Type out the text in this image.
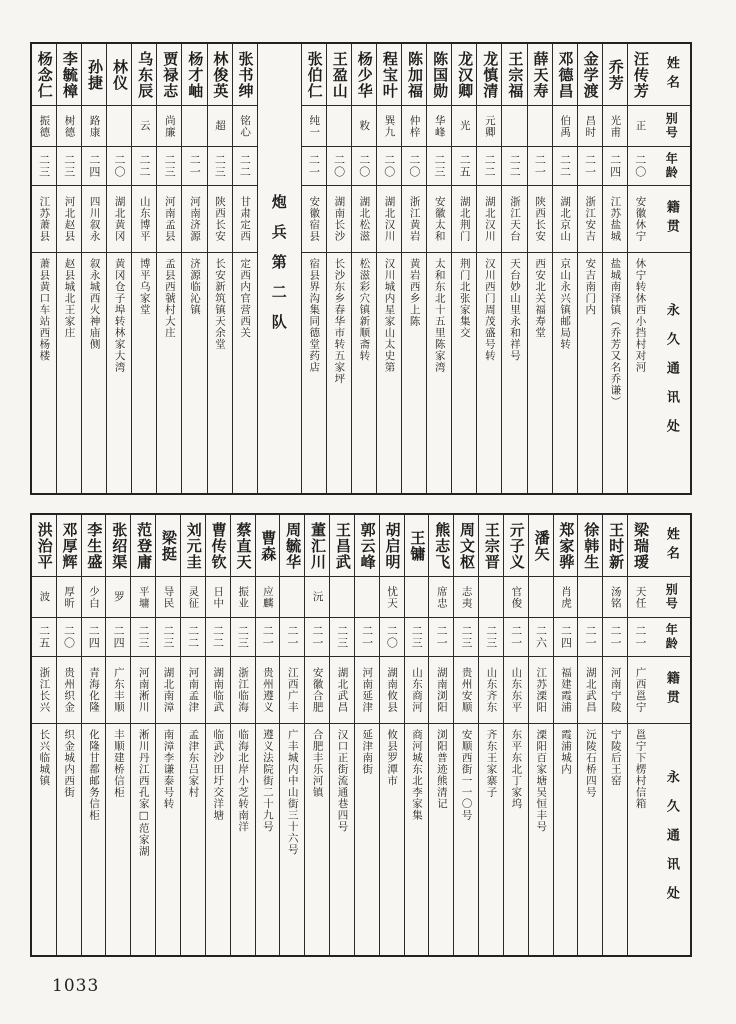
姓名
别号
年龄
籍贯
永久通讯处
汪传芳
正
二〇
安徽休宁
休宁转休西小挡村对河
乔芳
光甫
二四
江苏盐城
盐城南泽镇（乔芳又名乔谦）
金学渡
昌时
二一
浙江安吉
安吉南门内
邓德昌
伯禹
二二
湖北京山
京山永兴镇邮局转
薛天寿
二一
陕西长安
西安北关福寿堂
王宗福
二二
浙江天台
天台妙山里永和祥号
龙慎清
元卿
二二
湖北汉川
汉川西门周茂盛号转
龙汉卿
光
二五
湖北荆门
荆门北张家集交
陈国勋
华峰
二三
安徽太和
太和东北十五里陈家湾
陈加福
仲梓
二〇
浙江黄岩
黄岩西乡上陈
程宝叶
巽九
二〇
湖北汉川
汉川城内星家山太史第
杨少华
敉
二〇
湖北松滋
松滋彩穴镇新顺斋转
王盈山
二〇
湖南长沙
长沙东乡春华市转五家坪
张伯仁
纯一
二一
安徽宿县
宿县界沟集同德堂药店
炮兵第二队
张书绅
铭心
二二
甘肃定西
定西内官营西关
林俊英
超
二三
陕西长安
长安新筑镇天余堂
杨才岫
二一
河南济源
济源临沁镇
贾禄志
尚廉
二三
河南孟县
孟县西虢村大庄
乌东辰
云
二二
山东博平
博平乌家堂
林仪
二〇
湖北黄冈
黄冈仓子埠转林家大湾
孙捷
路康
二四
四川叙永
叙永城西火神庙侧
李毓樟
树德
二三
河北赵县
赵县城北王家庄
杨念仁
振德
二三
江苏萧县
萧县黄口车站西杨楼
姓名
别号
年龄
籍贯
永久通讯处
梁瑞瑷
天任
二一
广西邕宁
邕宁下楞村信箱
王时新
汤铭
二一
河南宁陵
宁陵后王窑
徐韩生
二一
湖北武昌
沅陵石桥四号
郑家骅
肖虎
二四
福建霞浦
霞浦城内
潘矢
二六
江苏溧阳
溧阳百家塘吴恒丰号
亓子义
官俊
二一
山东东平
东平东北丁家坞
王宗晋
二三
山东齐东
齐东王家寨子
周文枢
志夷
二三
贵州安顺
安顺西街一一〇号
熊志飞
席忠
二一
湖南浏阳
浏阳普迹熊清记
王镛
二三
山东商河
商河城东北李家集
胡启明
忧天
二〇
湖南攸县
攸县罗潭市
郭云峰
二一
河南延津
延津南街
王昌武
二三
湖北武昌
汉口正街流通巷四号
董汇川
沅
二一
安徽合肥
合肥丰乐河镇
周毓华
二一
江西广丰
广丰城内中山街三十六号
曹森
应麟
二一
贵州遵义
遵义法院街二十九号
蔡直天
振业
二三
浙江临海
临海北岸小芝转南洋
曹传钦
日中
二二
湖南临武
临武沙田圩交洋塘
刘元圭
灵征
二二
河南孟津
孟津东吕家村
梁挺
导民
二三
湖北南漳
南漳李谦泰号转
范登庸
平墉
二三
河南淅川
淅川丹江西孔家□范家湖
张绍渠
罗
二四
广东丰顺
丰顺建桥信柜
李生盛
少白
二四
青海化隆
化隆甘都邮务信柜
邓厚辉
厚昕
二〇
贵州织金
织金城内西街
洪治平
波
二五
浙江长兴
长兴临城镇
1033
